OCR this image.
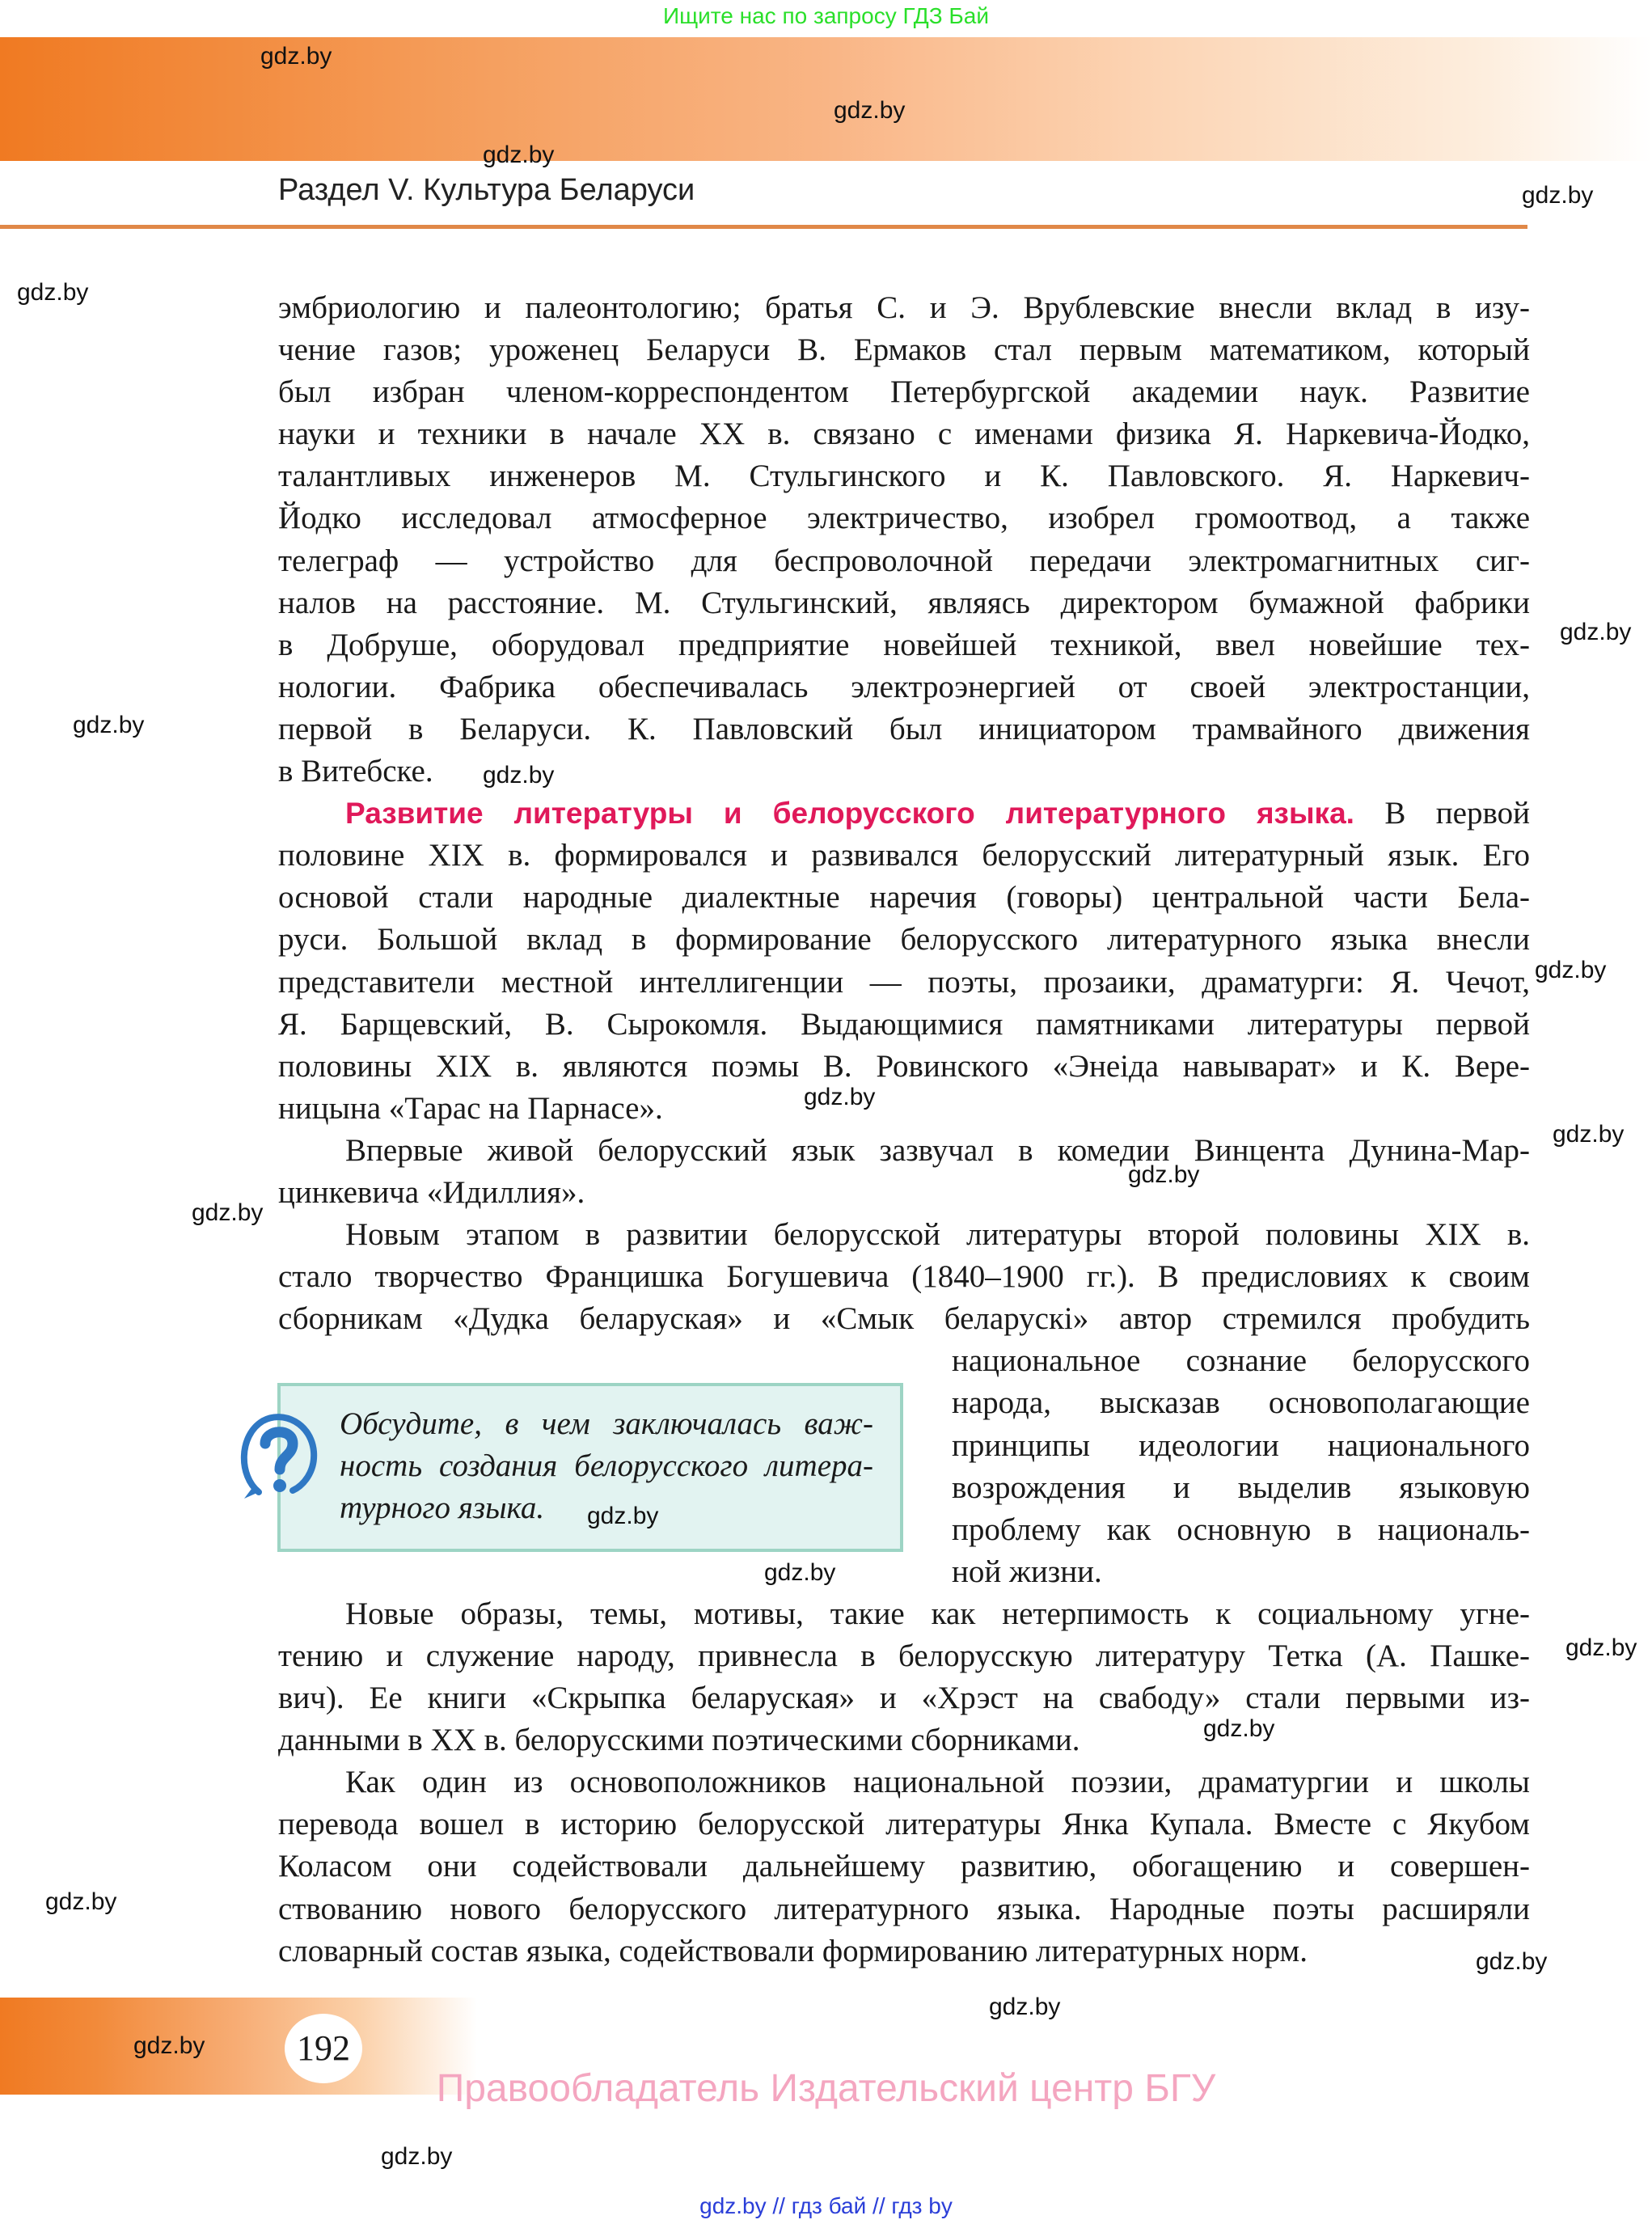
Ищите нас по запросу ГДЗ Бай
Раздел V. Культура Беларуси
Обсудите, в чем заключалась важ-
ность создания белорусского литера-
турного языка.
эмбриологию и палеонтологию; братья С. и Э. Врублевские внесли вклад в изу-
чение газов; уроженец Беларуси В. Ермаков стал первым математиком, который
был избран членом-корреспондентом Петербургской академии наук. Развитие
науки и техники в начале XX в. связано с именами физика Я. Наркевича-Йодко,
талантливых инженеров М. Стульгинского и К. Павловского. Я. Наркевич-
Йодко исследовал атмосферное электричество, изобрел громоотвод, а также
телеграф — устройство для беспроволочной передачи электромагнитных сиг-
налов на расстояние. М. Стульгинский, являясь директором бумажной фабрики
в Добруше, оборудовал предприятие новейшей техникой, ввел новейшие тех-
нологии. Фабрика обеспечивалась электроэнергией от своей электростанции,
первой в Беларуси. К. Павловский был инициатором трамвайного движения
в Витебске.
Развитие литературы и белорусского литературного языка. В первой
половине XIX в. формировался и развивался белорусский литературный язык. Его
основой стали народные диалектные наречия (говоры) центральной части Бела-
руси. Большой вклад в формирование белорусского литературного языка внесли
представители местной интеллигенции — поэты, прозаики, драматурги: Я. Чечот,
Я. Барщевский, В. Сырокомля. Выдающимися памятниками литературы первой
половины XIX в. являются поэмы В. Ровинского «Энеіда навыварат» и К. Вере-
ницына «Тарас на Парнасе».
Впервые живой белорусский язык зазвучал в комедии Винцента Дунина-Мар-
цинкевича «Идиллия».
Новым этапом в развитии белорусской литературы второй половины XIX в.
стало творчество Францишка Богушевича (1840–1900 гг.). В предисловиях к своим
сборникам «Дудка беларуская» и «Смык беларускі» автор стремился пробудить
национальное сознание белорусского
народа, высказав основополагающие
принципы идеологии национального
возрождения и выделив языковую
проблему как основную в националь-
ной жизни.
Новые образы, темы, мотивы, такие как нетерпимость к социальному угне-
тению и служение народу, привнесла в белорусскую литературу Тетка (А. Пашке-
вич). Ее книги «Скрыпка беларуская» и «Хрэст на свабоду» стали первыми из-
данными в XX в. белорусскими поэтическими сборниками.
Как один из основоположников национальной поэзии, драматургии и школы
перевода вошел в историю белорусской литературы Янка Купала. Вместе с Якубом
Коласом они содействовали дальнейшему развитию, обогащению и совершен-
ствованию нового белорусского литературного языка. Народные поэты расширяли
словарный состав языка, содействовали формированию литературных норм.
192
Правообладатель Издательский центр БГУ
gdz.by // гдз бай // гдз by
gdz.by
gdz.by
gdz.by
gdz.by
gdz.by
gdz.by
gdz.by
gdz.by
gdz.by
gdz.by
gdz.by
gdz.by
gdz.by
gdz.by
gdz.by
gdz.by
gdz.by
gdz.by
gdz.by
gdz.by
gdz.by
gdz.by
